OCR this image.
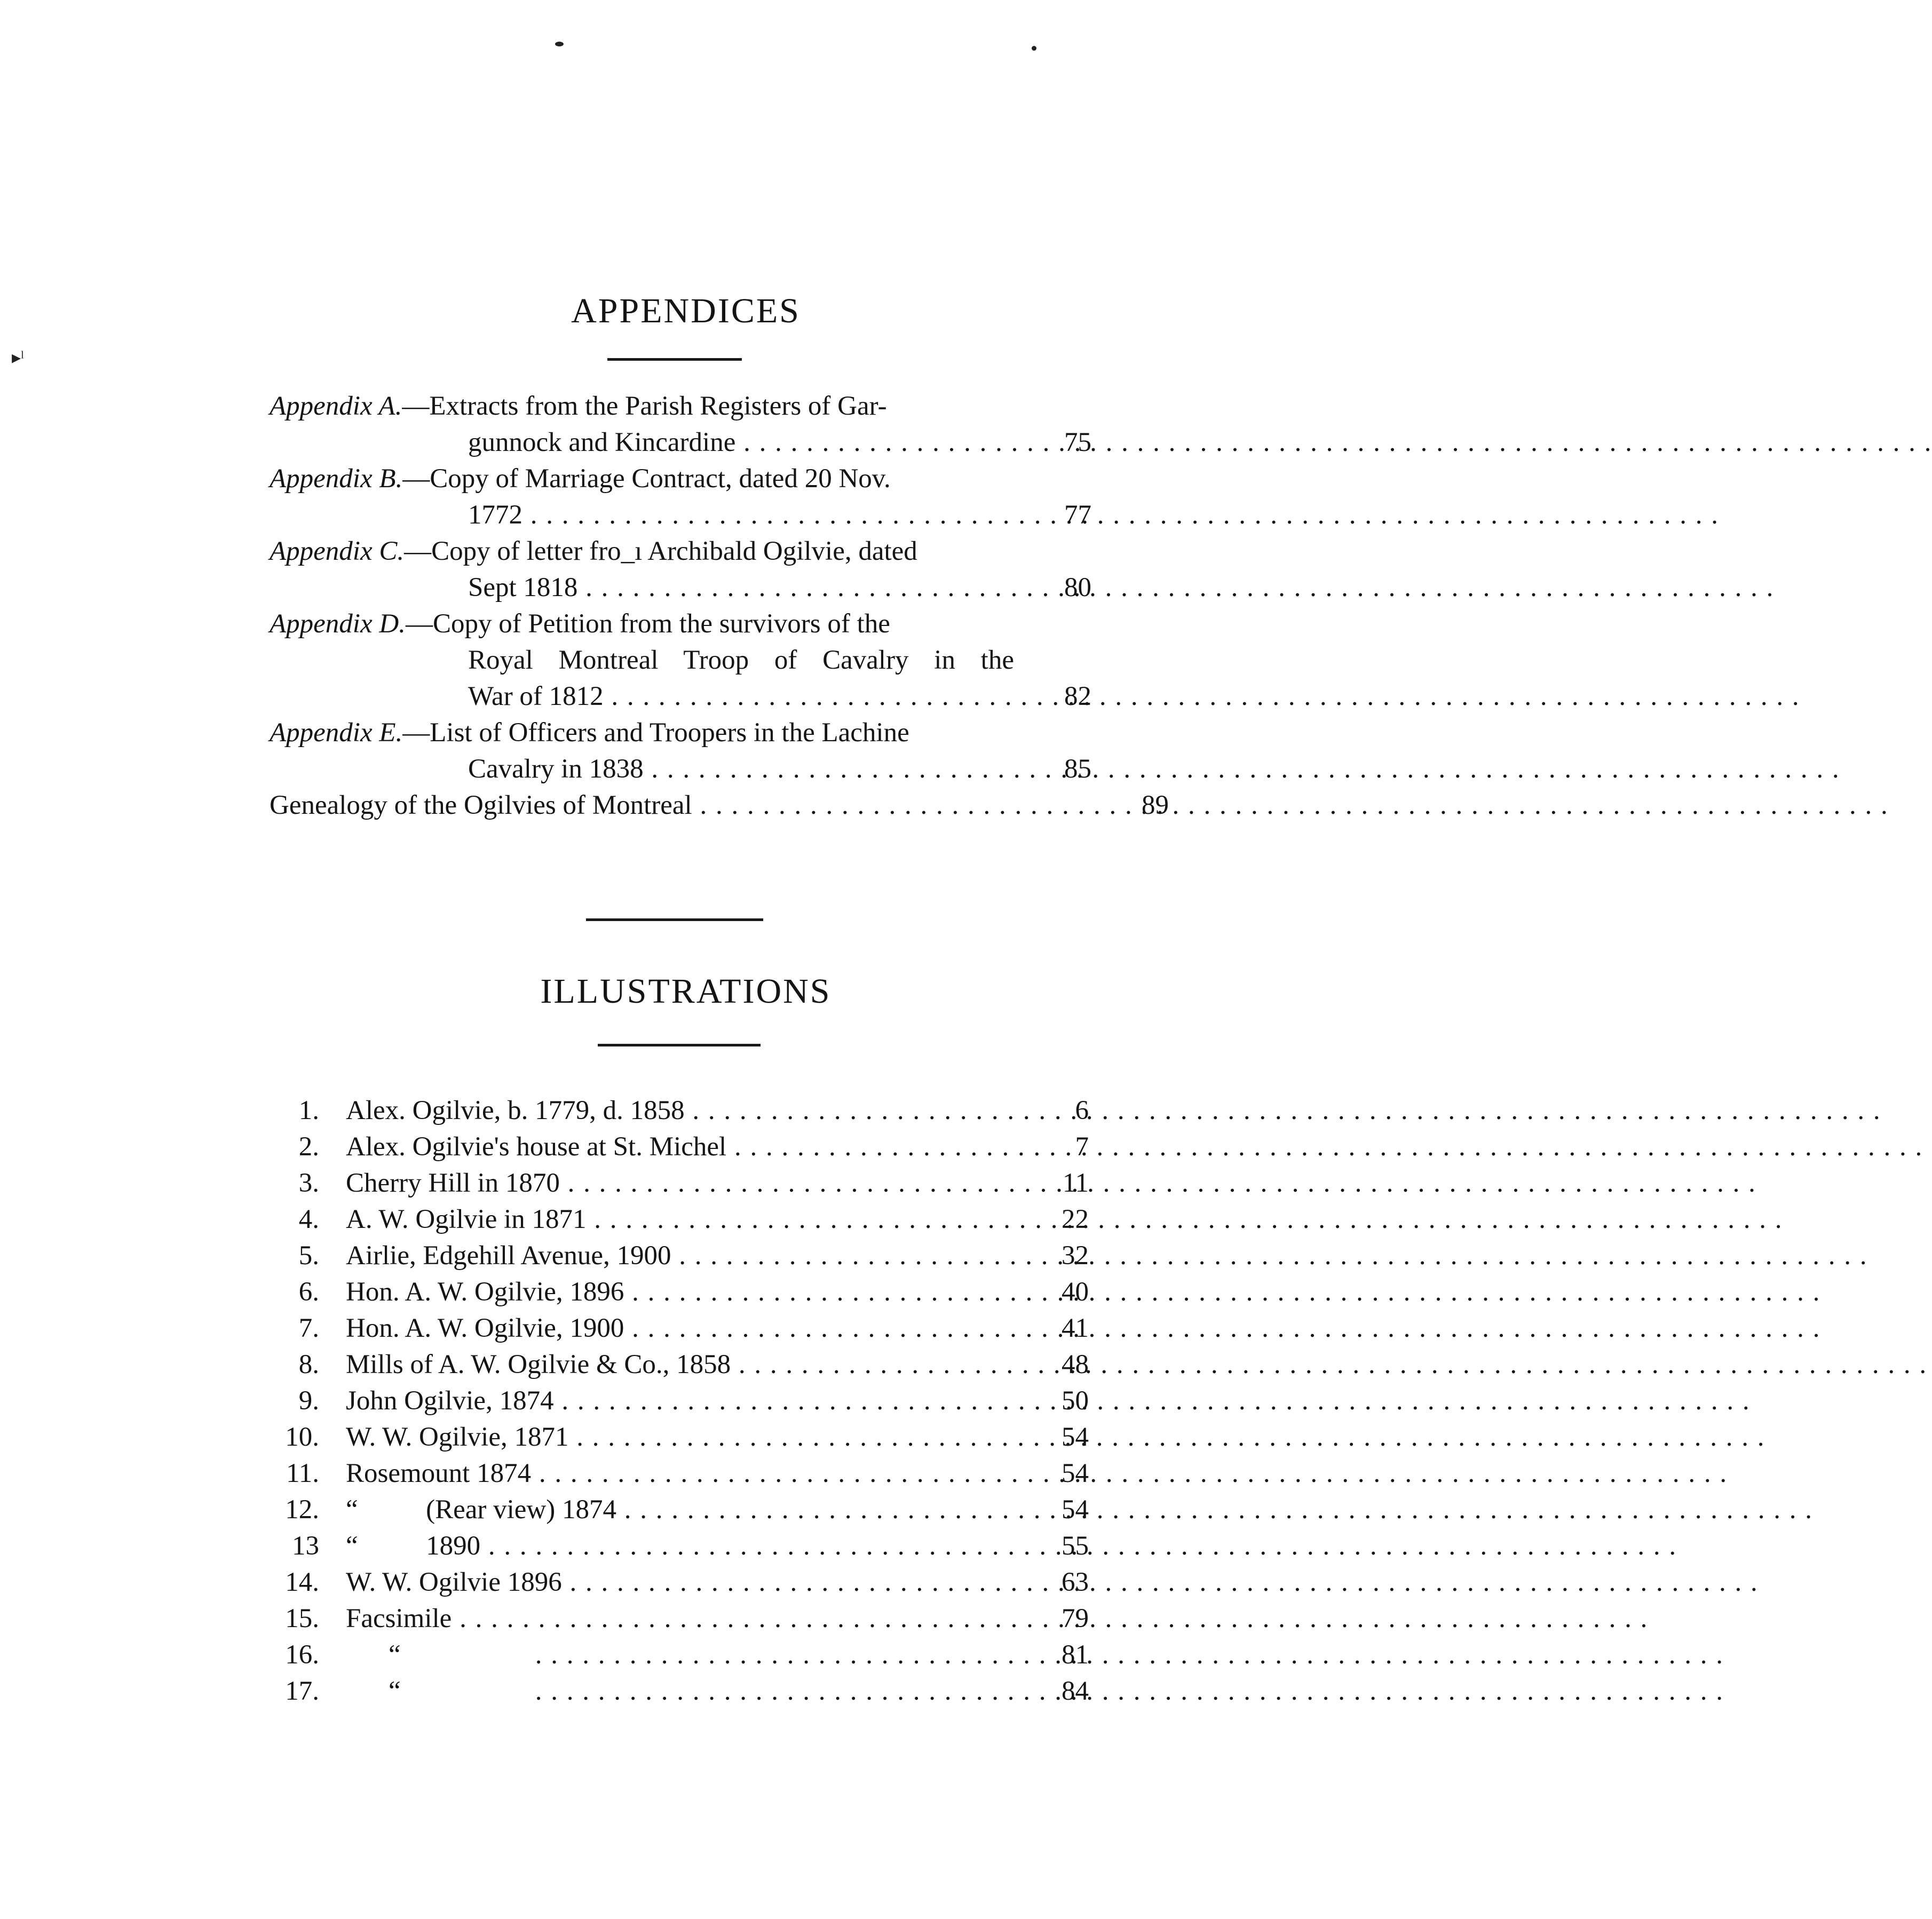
▸ˡ
APPENDICES
Appendix A.—Extracts from the Parish Registers of Gar-
gunnock and Kincardine . . .	75
Appendix B.—Copy of Marriage Contract, dated 20 Nov.
1772 . . .	77
Appendix C.—Copy of letter fro_ı Archibald Ogilvie, dated
Sept 1818 . . .	80
Appendix D.—Copy of Petition from the survivors of the
Royal Montreal Troop of Cavalry in the
War of 1812 . . .	82
Appendix E.—List of Officers and Troopers in the Lachine
Cavalry in 1838 . . .	85
Genealogy of the Ogilvies of Montreal . . .	89
ILLUSTRATIONS
1. Alex. Ogilvie, b. 1779, d. 1858 . . .	6
2. Alex. Ogilvie's house at St. Michel . . .	7
3. Cherry Hill in 1870 . . .	11
4. A. W. Ogilvie in 1871 . . .	22
5. Airlie, Edgehill Avenue, 1900 . . .	32
6. Hon. A. W. Ogilvie, 1896 . . .	40
7. Hon. A. W. Ogilvie, 1900 . . .	41
8. Mills of A. W. Ogilvie & Co., 1858 . . .	48
9. John Ogilvie, 1874 . . .	50
10. W. W. Ogilvie, 1871 . . .	54
11. Rosemount 1874 . . .	54
12. “          (Rear view) 1874 . . .	54
13 “          1890 . . .	55
14. W. W. Ogilvie 1896 . . .	63
15. Facsimile . . .	79
16.	“ . . .	81
17.	“ . . .	84
